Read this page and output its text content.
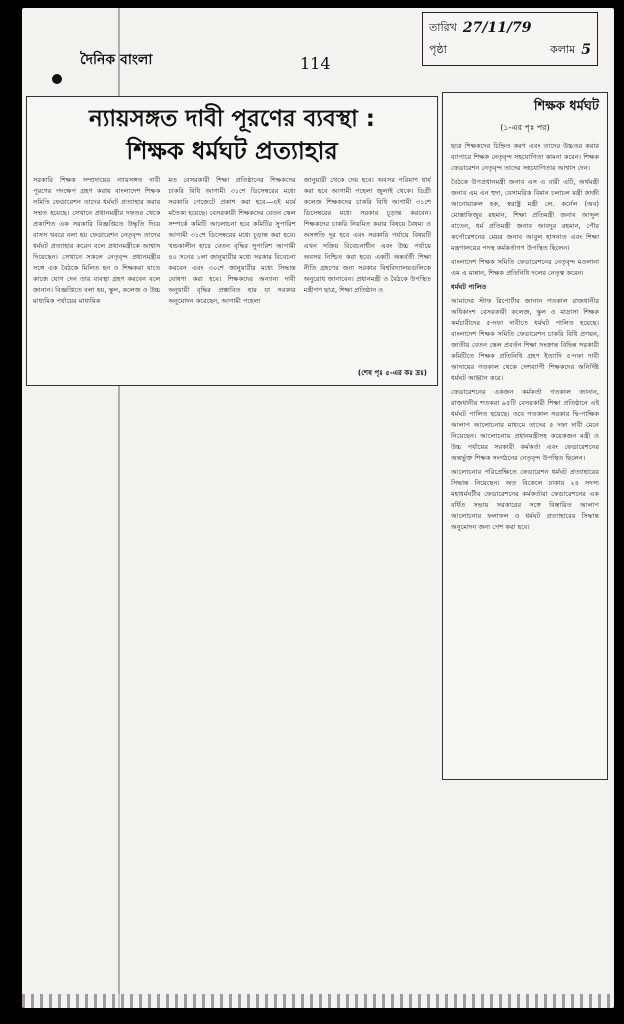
তারিখ 27/11/79
পৃষ্ঠা	কলাম 5
দৈনিক বাংলা	114
ন্যায়সঙ্গত দাবী পূরণের ব্যবস্থা :
শিক্ষক ধর্মঘট প্রত্যাহার

সরকারি শিক্ষক সম্প্রদায়ের ন্যায়সঙ্গত দাবী পূরণের পদক্ষেপ গ্রহণ করায় বাংলাদেশ শিক্ষক সমিতি ফেডারেশন তাদের ধর্মঘট প্রত্যাহার করার সম্মত হয়েছে। সেখানে প্রধানমন্ত্রীর দফতর থেকে প্রকাশিত এক সরকারি বিজ্ঞপ্তিতে উদ্ধৃতি দিয়ে বাসস খবরে বলা হয় ফেডারেশন নেতৃবৃন্দ তাদের ধর্মঘট প্রত্যাহার করেন বলে প্রধানমন্ত্রীকে আশ্বাস দিয়েছেন। সেখানে সকলে নেতৃবৃন্দ প্রধানমন্ত্রীর সঙ্গে এক বৈঠকে মিলিত হন ও শিক্ষকরা যাতে কাজে যোগ দেন তার ব্যবস্থা গ্রহণ করবেন বলে জানান। বিজ্ঞপ্তিতে বলা হয়, স্কুল, কলেজ ও উচ্চ মাধ্যমিক পর্যায়ের মাধ্যমিক

মত বেসরকারী শিক্ষা প্রতিষ্ঠানের শিক্ষকদের চাকরি বিধি আগামী ৩১শে ডিসেম্বরের মধ্যে সরকারি গেজেটে প্রকাশ করা হবে—এই মর্মে মতৈক্য হয়েছে। বেসরকারী শিক্ষকদের বেতন স্কেল সম্পর্কে কমিটি আলোচনা হবে কমিটির সুপারিশ আগামী ৩১শে ডিসেম্বরের মধ্যে চূড়ান্ত করা হবে। খন্ডকালীন হারে বেতন বৃদ্ধির সুপারিশ আগামী ৪০ সনের ১লা জানুয়ারীর মধ্যে সরকার বিবেচনা করবেন এবং ৩০শে জানুয়ারীর মধ্যে সিদ্ধান্ত ঘোষণা করা হবে। শিক্ষকদের অন্যান্য দাবী অনুযায়ী বৃদ্ধির প্রস্তাবিত হার যা সরকার অনুমোদন করেছেন, আগামী পহেলা

জানুয়ারী থেকে দেয় হবে। অবসর পরিমাণ ধার্য করা হবে আগামী পহেলা জুলাই থেকে। ডিগ্রী কলেজ শিক্ষকদের চাকরি বিধি আগামী ৩১শে ডিসেম্বরের মধ্যে সরকার চূড়ান্ত করবেন। শিক্ষকদের চাকরি নিয়মিত করার বিষয়ে বৈষম্য ও অসঙ্গতি দূর হবে এবং সরকারি পর্যায়ে বিষয়টি এখন সক্রিয় বিবেচনাধীন এবং উচ্চ পর্যায়ে অবসর নিশ্চিত করা হবে। একটি অন্তর্বর্তী শিক্ষা নীতি গ্রহণের জন্য সরকার বিশ্ববিদ্যালয়গুলিকে অনুরোধ জানাবেন। প্রধানমন্ত্রী ও বৈঠকে উপস্থিত মন্ত্রীগণ ছাত্র, শিক্ষা প্রতিষ্ঠান ও

(শেষ পৃঃ ৫-এর কঃ দ্রঃ)
শিক্ষক ধর্মঘট
(১-এর পৃঃ পর)

ছাত্র শিক্ষকদের চিহ্নিত করণ এবং তাদের উচ্চতর করার ব্যাপারে শিক্ষক নেতৃবৃন্দ সহযোগিতা কামনা করেন। শিক্ষক ফেডারেশন নেতৃবৃন্দ তাদের সহযোগিতার আশ্বাস দেন।

বৈঠকে উপপ্রধানমন্ত্রী জনাব এস এ বারী এটি, অর্থমন্ত্রী জনাব এম এন হুদা, বেসামরিক বিমান চলাচল মন্ত্রী কাজী আনোয়ারুল হক, স্বরাষ্ট্র মন্ত্রী লে. কর্নেল (অব) মোস্তাফিজুর রহমান, শিক্ষা প্রতিমন্ত্রী জনাব আব্দুল বাতেন, ধর্ম প্রতিমন্ত্রী জনাব আবদুর রহমান, পৌর কর্পোরেশনের মেয়র জনাব আবুল হাসনাত এবং শিক্ষা মন্ত্রণালয়ের পদস্থ কর্মকর্তাগণ উপস্থিত ছিলেন।

বাংলাদেশ শিক্ষক সমিতি ফেডারেশনের নেতৃবৃন্দ মওলানা এম এ মান্নান, শিক্ষক প্রতিনিধি দলের নেতৃত্ব করেন।

ধর্মঘট পালিত

আমাদের স্টাফ রিপোর্টার জানান গতকাল রাজধানীর অধিকাংশ বেসরকারী কলেজ, স্কুল ও মাদ্রাসা শিক্ষক কর্মচারীদের ৫-দফা দাবীতে ধর্মঘট পালিত হয়েছে। বাংলাদেশ শিক্ষক সমিতি ফেডারেশন চাকরি বিধি প্রণয়ন, জাতীয় বেতন স্কেল প্রবর্তন শিক্ষা সংক্রান্ত বিভিন্ন সরকারী কমিটিতে শিক্ষক প্রতিনিধি গ্রহণ ইত্যাদি ৫-দফা দাবী আদায়ের গতকাল থেকে দেশব্যাপী শিক্ষকদের অনির্দিষ্ট ধর্মঘট আহ্বান করে।

ফেডারেশনের একজন কর্মকর্তা গতকাল জানান, রাজধানীর শতকরা ৯৫টি বেসরকারী শিক্ষা প্রতিষ্ঠানে এই ধর্মঘট পালিত হয়েছে। তবে গতকাল সরকার দ্বি-পাক্ষিক আলাপ আলোচনার মাধ্যমে তাদের ৫ দফা দাবী মেনে নিয়েছেন। আলোচনায় প্রধানমন্ত্রীসহ কয়েকজন মন্ত্রী ও উচ্চ পর্যায়ের সরকারী কর্মকর্তা এবং ফেডারেশনের অন্তর্ভুক্ত শিক্ষক সংগঠনের নেতৃবৃন্দ উপস্থিত ছিলেন।

আলোচনার পরিপ্রেক্ষিতে ফেডারেশন ধর্মঘট প্রত্যাহারের সিদ্ধান্ত নিয়েছেন। অত বিকেলে ঢাকায় ২৪ সদস্য মহাধর্মঘটীর ফেডারেশনের কর্মকর্তারা ফেডারেশনের এক বর্ধিত সভায় সরকারের সঙ্গে বিস্তারিত আলাপ আলোচনার ফলাফল ও ধর্মঘট প্রত্যাহারের সিদ্ধান্ত অনুমোদন জন্য পেশ করা হবে।
